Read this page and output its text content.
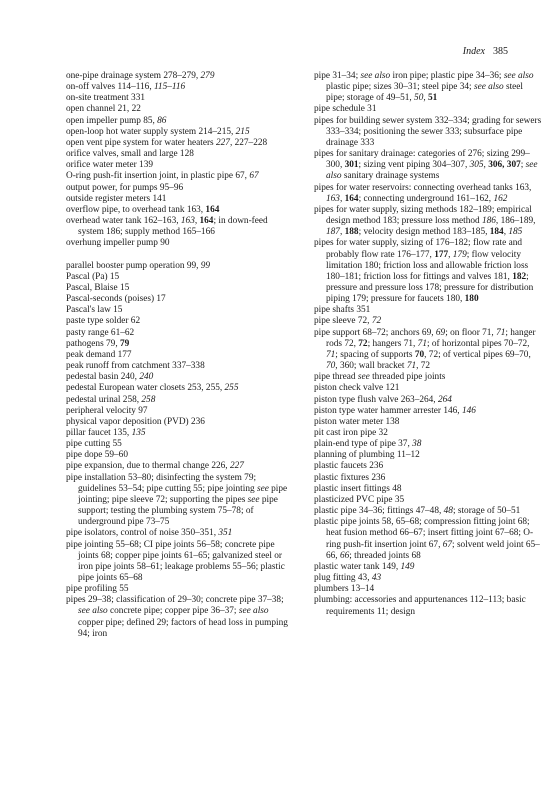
Index 385

one-pipe drainage system 278–279, 279

on-off valves 114–116, 115–116

on-site treatment 331

open channel 21, 22

open impeller pump 85, 86

open-loop hot water supply system 214–215, 215

open vent pipe system for water heaters 227, 227–228

orifice valves, small and large 128

orifice water meter 139

O-ring push-fit insertion joint, in plastic pipe 67, 67

output power, for pumps 95–96

outside register meters 141

overflow pipe, to overhead tank 163, 164

overhead water tank 162–163, 163, 164; in down-feed system 186; supply method 165–166

overhung impeller pump 90

parallel booster pump operation 99, 99

Pascal (Pa) 15

Pascal, Blaise 15

Pascal-seconds (poises) 17

Pascal's law 15

paste type solder 62

pasty range 61–62

pathogens 79, 79

peak demand 177

peak runoff from catchment 337–338

pedestal basin 240, 240

pedestal European water closets 253, 255, 255

pedestal urinal 258, 258

peripheral velocity 97

physical vapor deposition (PVD) 236

pillar faucet 135, 135

pipe cutting 55

pipe dope 59–60

pipe expansion, due to thermal change 226, 227

pipe installation 53–80; disinfecting the system 79; guidelines 53–54; pipe cutting 55; pipe jointing see pipe jointing; pipe sleeve 72; supporting the pipes see pipe support; testing the plumbing system 75–78; of underground pipe 73–75

pipe isolators, control of noise 350–351, 351

pipe jointing 55–68; CI pipe joints 56–58; concrete pipe joints 68; copper pipe joints 61–65; galvanized steel or iron pipe joints 58–61; leakage problems 55–56; plastic pipe joints 65–68

pipe profiling 55

pipes 29–38; classification of 29–30; concrete pipe 37–38; see also concrete pipe; copper pipe 36–37; see also copper pipe; defined 29; factors of head loss in pumping 94; iron

pipe 31–34; see also iron pipe; plastic pipe 34–36; see also plastic pipe; sizes 30–31; steel pipe 34; see also steel pipe; storage of 49–51, 50, 51

pipe schedule 31

pipes for building sewer system 332–334; grading for sewers 333–334; positioning the sewer 333; subsurface pipe drainage 333

pipes for sanitary drainage: categories of 276; sizing 299–300, 301; sizing vent piping 304–307, 305, 306, 307; see also sanitary drainage systems

pipes for water reservoirs: connecting overhead tanks 163, 163, 164; connecting underground 161–162, 162

pipes for water supply, sizing methods 182–189; empirical design method 183; pressure loss method 186, 186–189, 187, 188; velocity design method 183–185, 184, 185

pipes for water supply, sizing of 176–182; flow rate and probably flow rate 176–177, 177, 179; flow velocity limitation 180; friction loss and allowable friction loss 180–181; friction loss for fittings and valves 181, 182; pressure and pressure loss 178; pressure for distribution piping 179; pressure for faucets 180, 180

pipe shafts 351

pipe sleeve 72, 72

pipe support 68–72; anchors 69, 69; on floor 71, 71; hanger rods 72, 72; hangers 71, 71; of horizontal pipes 70–72, 71; spacing of supports 70, 72; of vertical pipes 69–70, 70, 360; wall bracket 71, 72

pipe thread see threaded pipe joints

piston check valve 121

piston type flush valve 263–264, 264

piston type water hammer arrester 146, 146

piston water meter 138

pit cast iron pipe 32

plain-end type of pipe 37, 38

planning of plumbing 11–12

plastic faucets 236

plastic fixtures 236

plastic insert fittings 48

plasticized PVC pipe 35

plastic pipe 34–36; fittings 47–48, 48; storage of 50–51

plastic pipe joints 58, 65–68; compression fitting joint 68; heat fusion method 66–67; insert fitting joint 67–68; O-ring push-fit insertion joint 67, 67; solvent weld joint 65–66, 66; threaded joints 68

plastic water tank 149, 149

plug fitting 43, 43

plumbers 13–14

plumbing: accessories and appurtenances 112–113; basic requirements 11; design
